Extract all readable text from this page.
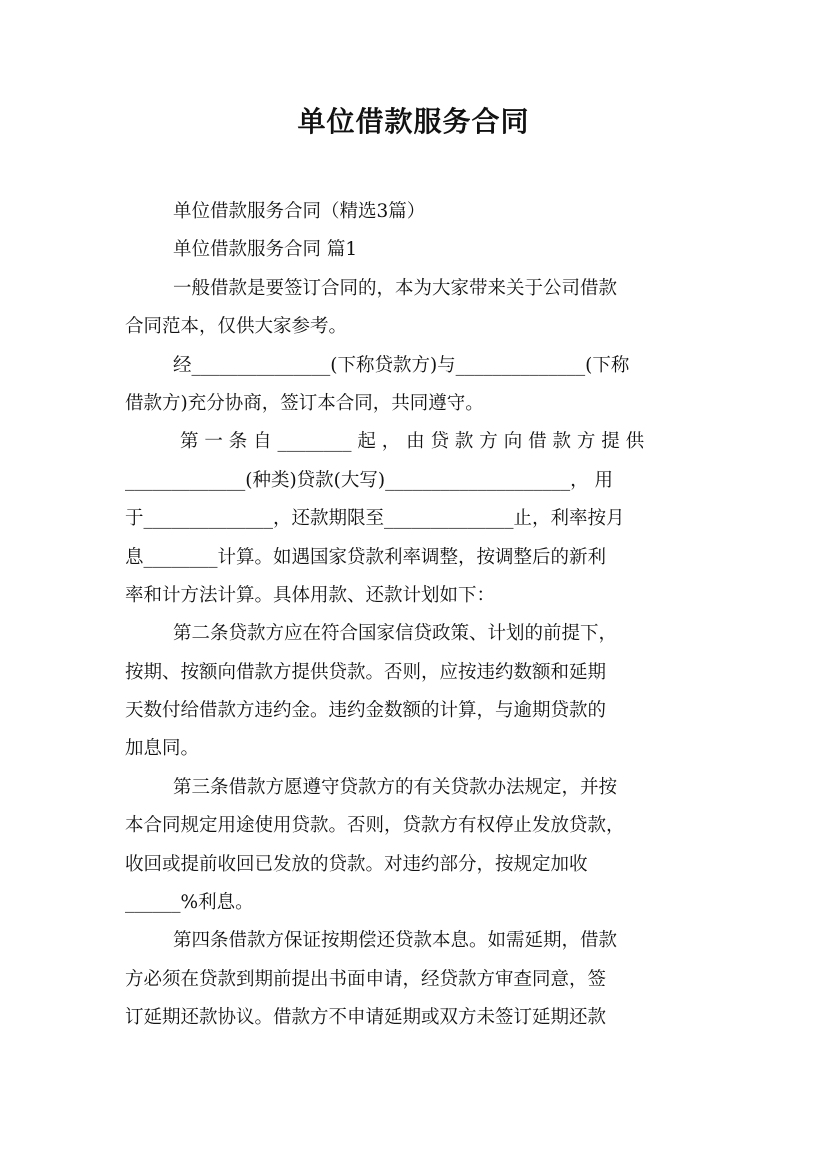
单位借款服务合同
单位借款服务合同（精选3篇）
单位借款服务合同 篇1
一般借款是要签订合同的，本为大家带来关于公司借款
合同范本，仅供大家参考。
经_______________(下称贷款方)与______________(下称
借款方)充分协商，签订本合同，共同遵守。
第 一 条 自 ________ 起 ， 由 贷 款 方 向 借 款 方 提 供
_____________(种类)贷款(大写)____________________， 用
于______________，还款期限至______________止，利率按月
息________计算。如遇国家贷款利率调整，按调整后的新利
率和计方法计算。具体用款、还款计划如下：
第二条贷款方应在符合国家信贷政策、计划的前提下，
按期、按额向借款方提供贷款。否则，应按违约数额和延期
天数付给借款方违约金。违约金数额的计算，与逾期贷款的
加息同。
第三条借款方愿遵守贷款方的有关贷款办法规定，并按
本合同规定用途使用贷款。否则，贷款方有权停止发放贷款，
收回或提前收回已发放的贷款。对违约部分，按规定加收
______%利息。
第四条借款方保证按期偿还贷款本息。如需延期，借款
方必须在贷款到期前提出书面申请，经贷款方审查同意，签
订延期还款协议。借款方不申请延期或双方未签订延期还款
